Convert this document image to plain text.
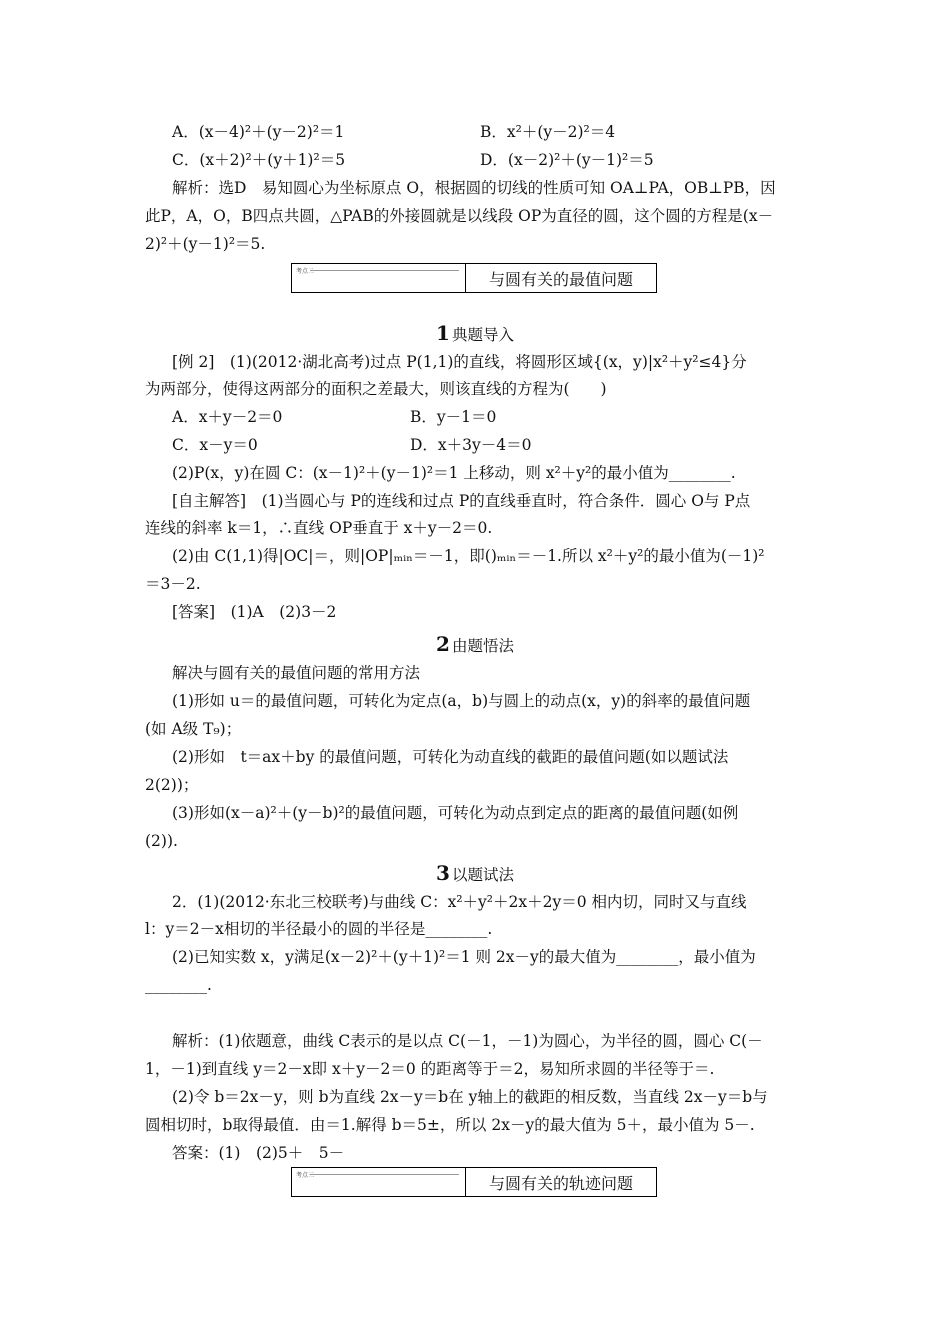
A．(x－4)²＋(y－2)²＝1	B．x²＋(y－2)²＝4
C．(x＋2)²＋(y＋1)²＝5	D．(x－2)²＋(y－1)²＝5
解析：选D　易知圆心为坐标原点 O，根据圆的切线的性质可知 OA⊥PA，OB⊥PB，因
此P，A，O，B四点共圆，△PAB的外接圆就是以线段 OP为直径的圆，这个圆的方程是(x－
2)²＋(y－1)²＝5.
考点二	与圆有关的最值问题
1 典题导入
[例 2]　(1)(2012·湖北高考)过点 P(1,1)的直线，将圆形区域{(x，y)|x²＋y²≤4}分
为两部分，使得这两部分的面积之差最大，则该直线的方程为(　　)
A．x＋y－2＝0	B．y－1＝0
C．x－y＝0	D．x＋3y－4＝0
(2)P(x，y)在圆 C：(x－1)²＋(y－1)²＝1 上移动，则 x²＋y²的最小值为________.
[自主解答]　(1)当圆心与 P的连线和过点 P的直线垂直时，符合条件．圆心 O与 P点
连线的斜率 k＝1，∴直线 OP垂直于 x＋y－2＝0.
(2)由 C(1,1)得|OC|＝，则|OP|ₘᵢₙ＝－1，即()ₘᵢₙ＝－1.所以 x²＋y²的最小值为(－1)²
＝3－2.
[答案]　(1)A　(2)3－2
2 由题悟法
解决与圆有关的最值问题的常用方法
(1)形如 u＝的最值问题，可转化为定点(a，b)与圆上的动点(x，y)的斜率的最值问题
(如 A级 T₉)；
(2)形如　t＝ax＋by 的最值问题，可转化为动直线的截距的最值问题(如以题试法
2(2))；
(3)形如(x－a)²＋(y－b)²的最值问题，可转化为动点到定点的距离的最值问题(如例
(2)).
3 以题试法
2．(1)(2012·东北三校联考)与曲线 C：x²＋y²＋2x＋2y＝0 相内切，同时又与直线
l：y＝2－x相切的半径最小的圆的半径是________.
(2)已知实数 x，y满足(x－2)²＋(y＋1)²＝1 则 2x－y的最大值为________，最小值为
________.
解析：(1)依题意，曲线 C表示的是以点 C(－1，－1)为圆心，为半径的圆，圆心 C(－
1，－1)到直线 y＝2－x即 x＋y－2＝0 的距离等于＝2，易知所求圆的半径等于＝.
(2)令 b＝2x－y，则 b为直线 2x－y＝b在 y轴上的截距的相反数，当直线 2x－y＝b与
圆相切时，b取得最值．由＝1.解得 b＝5±，所以 2x－y的最大值为 5＋，最小值为 5－.
答案：(1)　(2)5＋　5－
考点三	与圆有关的轨迹问题
